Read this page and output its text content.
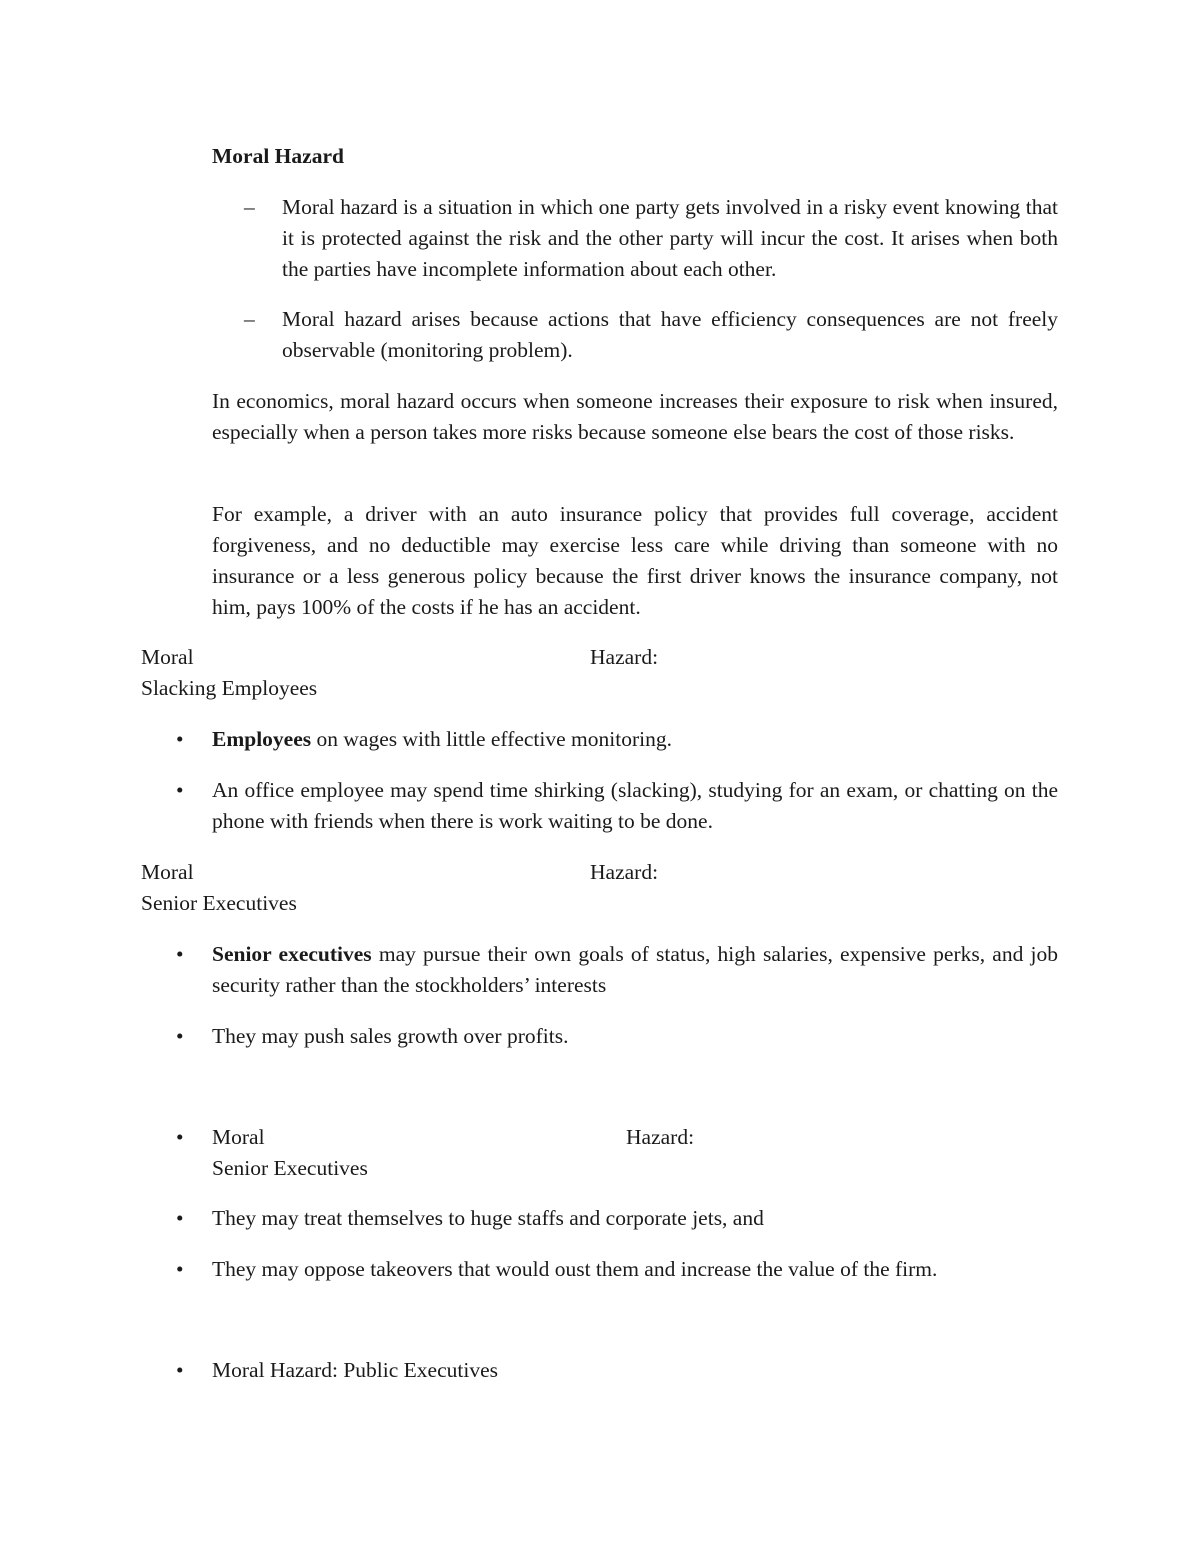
Moral Hazard
–	Moral hazard is a situation in which one party gets involved in a risky event knowing that it is protected against the risk and the other party will incur the cost. It arises when both the parties have incomplete information about each other.

–	Moral hazard arises because actions that have efficiency consequences are not freely observable (monitoring problem).

In economics, moral hazard occurs when someone increases their exposure to risk when insured, especially when a person takes more risks because someone else bears the cost of those risks.

For example, a driver with an auto insurance policy that provides full coverage, accident forgiveness, and no deductible may exercise less care while driving than someone with no insurance or a less generous policy because the first driver knows the insurance company, not him, pays 100% of the costs if he has an accident.

Moral	Hazard:
Slacking Employees
•	Employees on wages with little effective monitoring.

•	An office employee may spend time shirking (slacking), studying for an exam, or chatting on the phone with friends when there is work waiting to be done.

Moral	Hazard:
Senior Executives
•	Senior executives may pursue their own goals of status, high salaries, expensive perks, and job security rather than the stockholders’ interests

•	They may push sales growth over profits.

•	Moral	Hazard:
Senior Executives
•	They may treat themselves to huge staffs and corporate jets, and

•	They may oppose takeovers that would oust them and increase the value of the firm.

•	Moral Hazard: Public Executives
